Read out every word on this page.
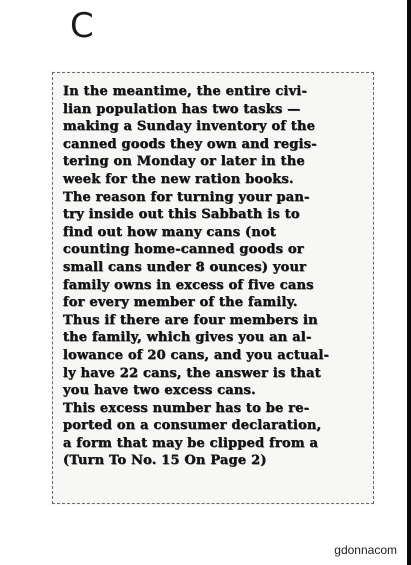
C
In the meantime, the entire civi-
lian population has two tasks —
making a Sunday inventory of the
canned goods they own and regis-
tering on Monday or later in the
week for the new ration books.
The reason for turning your pan-
try inside out this Sabbath is to
find out how many cans (not
counting home-canned goods or
small cans under 8 ounces) your
family owns in excess of five cans
for every member of the family.
Thus if there are four members in
the family, which gives you an al-
lowance of 20 cans, and you actual-
ly have 22 cans, the answer is that
you have two excess cans.
This excess number has to be re-
ported on a consumer declaration,
a form that may be clipped from a
(Turn To No. 15 On Page 2)
gdonnacom
